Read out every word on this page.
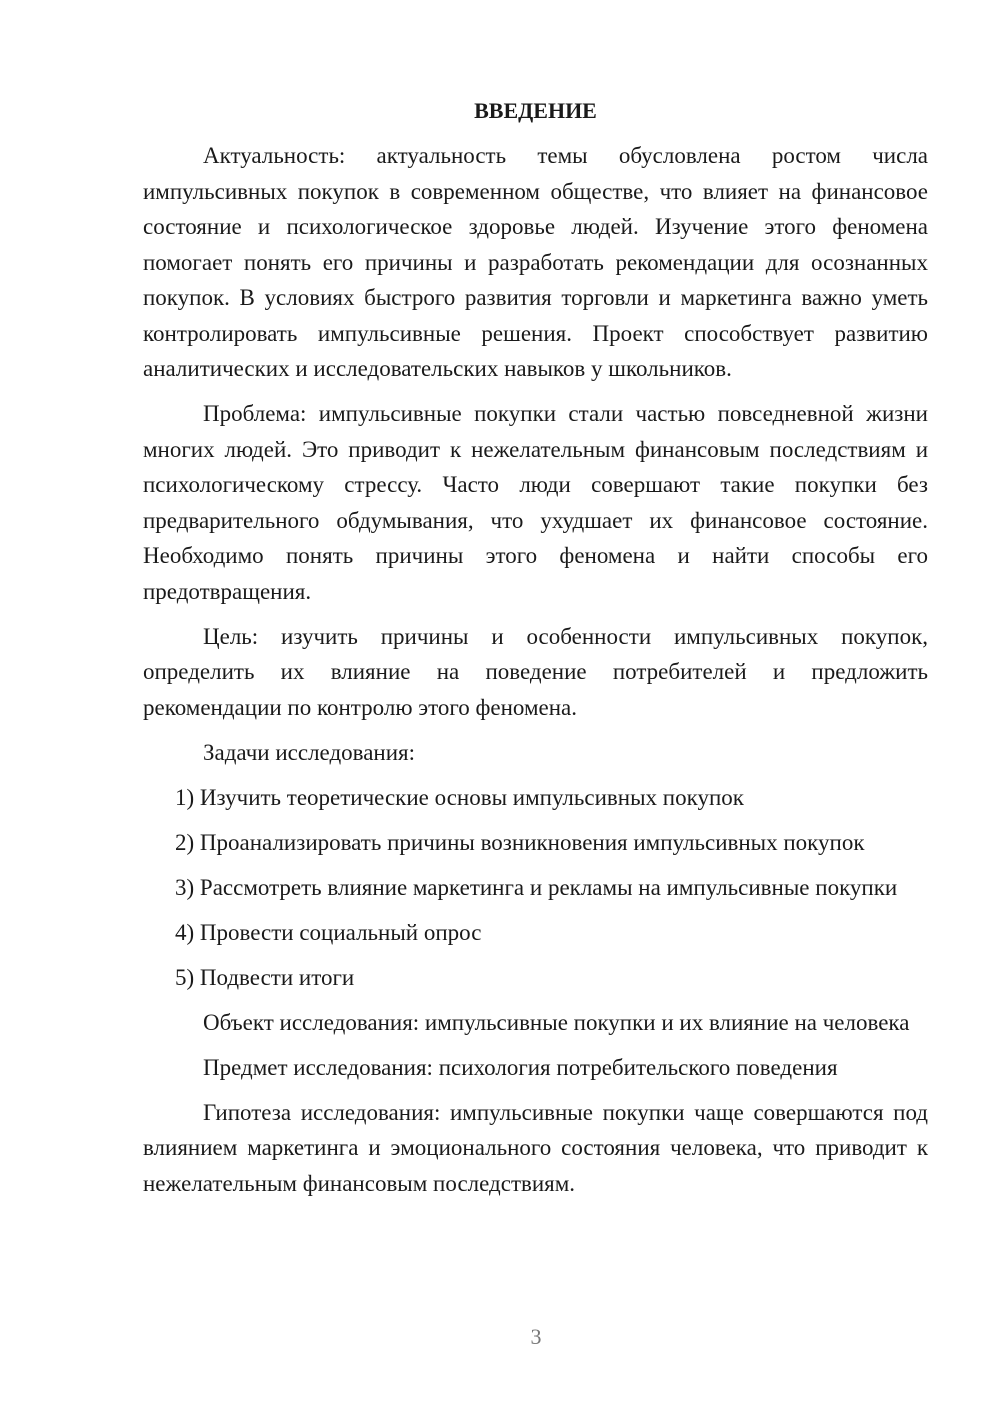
ВВЕДЕНИЕ

Актуальность: актуальность темы обусловлена ростом числа импульсивных покупок в современном обществе, что влияет на финансовое состояние и психологическое здоровье людей. Изучение этого феномена помогает понять его причины и разработать рекомендации для осознанных покупок. В условиях быстрого развития торговли и маркетинга важно уметь контролировать импульсивные решения. Проект способствует развитию аналитических и исследовательских навыков у школьников.

Проблема: импульсивные покупки стали частью повседневной жизни многих людей. Это приводит к нежелательным финансовым последствиям и психологическому стрессу. Часто люди совершают такие покупки без предварительного обдумывания, что ухудшает их финансовое состояние. Необходимо понять причины этого феномена и найти способы его предотвращения.

Цель: изучить причины и особенности импульсивных покупок, определить их влияние на поведение потребителей и предложить рекомендации по контролю этого феномена.

Задачи исследования:

1) Изучить теоретические основы импульсивных покупок

2) Проанализировать причины возникновения импульсивных покупок

3) Рассмотреть влияние маркетинга и рекламы на импульсивные покупки

4) Провести социальный опрос

5) Подвести итоги

Объект исследования: импульсивные покупки и их влияние на человека

Предмет исследования: психология потребительского поведения

Гипотеза исследования: импульсивные покупки чаще совершаются под влиянием маркетинга и эмоционального состояния человека, что приводит к нежелательным финансовым последствиям.

3
